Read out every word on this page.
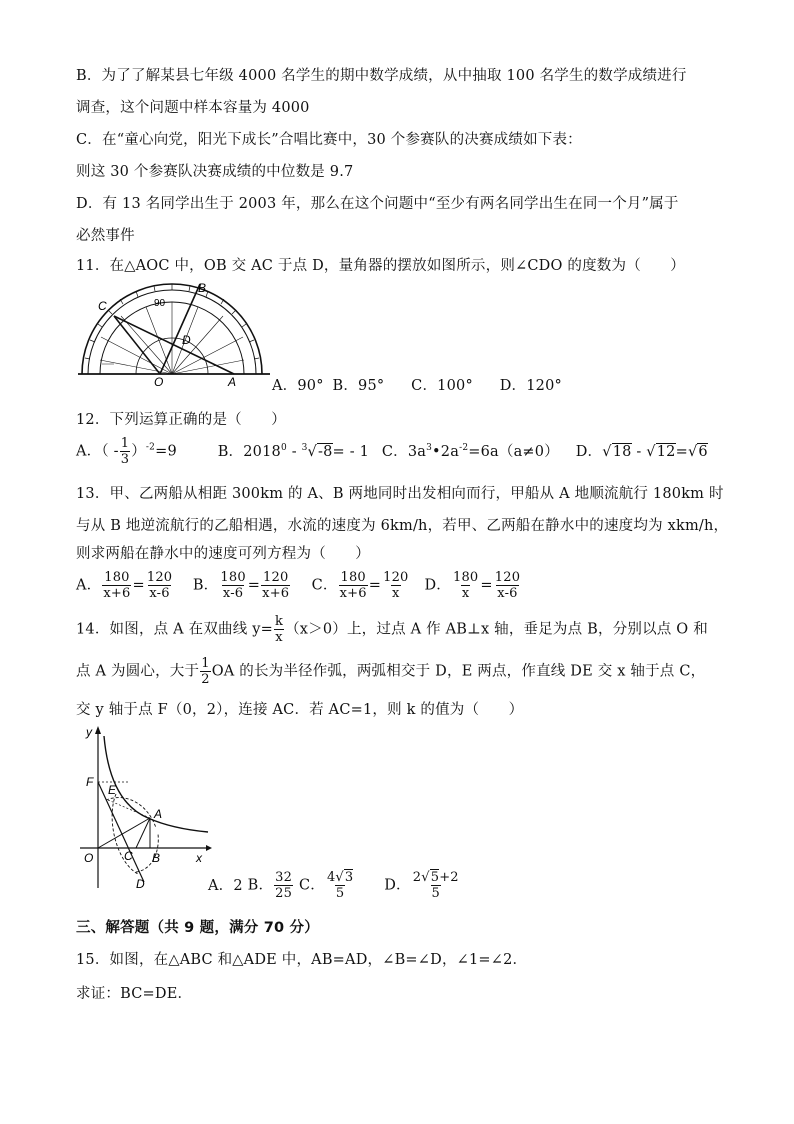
B．为了了解某县七年级 4000 名学生的期中数学成绩，从中抽取 100 名学生的数学成绩进行
调查，这个问题中样本容量为 4000
C．在“童心向党，阳光下成长”合唱比赛中，30 个参赛队的决赛成绩如下表：
则这 30 个参赛队决赛成绩的中位数是 9.7
D．有 13 名同学出生于 2003 年，那么在这个问题中“至少有两名同学出生在同一个月”属于
必然事件
11．在△AOC 中，OB 交 AC 于点 D，量角器的摆放如图所示，则∠CDO 的度数为（　　）
C	90
B
D
O	A A．90° B．95° C．100° D．120°
12．下列运算正确的是（　　）
A．（ - $\frac{1}{3} )^{-2}=9$	B．2018$^0$ - $^3$√-8= - 1 C．$3a^3•2a^{-2}=6a(a\ne 0)$ D．√18 - √12=√6
13．甲、乙两船从相距 300km 的 A、B 两地同时出发相向而行，甲船从 A 地顺流航行 180km 时
与从 B 地逆流航行的乙船相遇，水流的速度为 6km/h，若甲、乙两船在静水中的速度均为 xkm/h，
则求两船在静水中的速度可列方程为（　　）
A． $\frac{180}{x+6} = \frac{120}{x-6}$ B． $\frac{180}{x-6} = \frac{120}{x+6}$ C． $\frac{180}{x+6} = \frac{120}{x}$ D． $\frac{180}{x} = \frac{120}{x-6}$
14．如图，点 A 在双曲线 $y= \frac{k}{x} (x>0)$上，过点 A 作 AB⊥x 轴，垂足为点 B，分别以点 O 和
点 A 为圆心，大于 $\frac{1}{2}$ OA 的长为半径作弧，两弧相交于 D，E 两点，作直线 DE 交 x 轴于点 C，
交 y 轴于点 F（0，2），连接 AC．若 AC=1，则 k 的值为（　　）
y
x
F
E
A
O	C B
D	A．2 B． $\frac{32}{25}$ C． $\frac{4√3}{5}$ D． $\frac{2√5+2}{5}$
三、解答题（共 9 题，满分 70 分）
15．如图，在△ABC 和△ADE 中，AB=AD，∠B=∠D，∠1=∠2．
求证：BC=DE．
